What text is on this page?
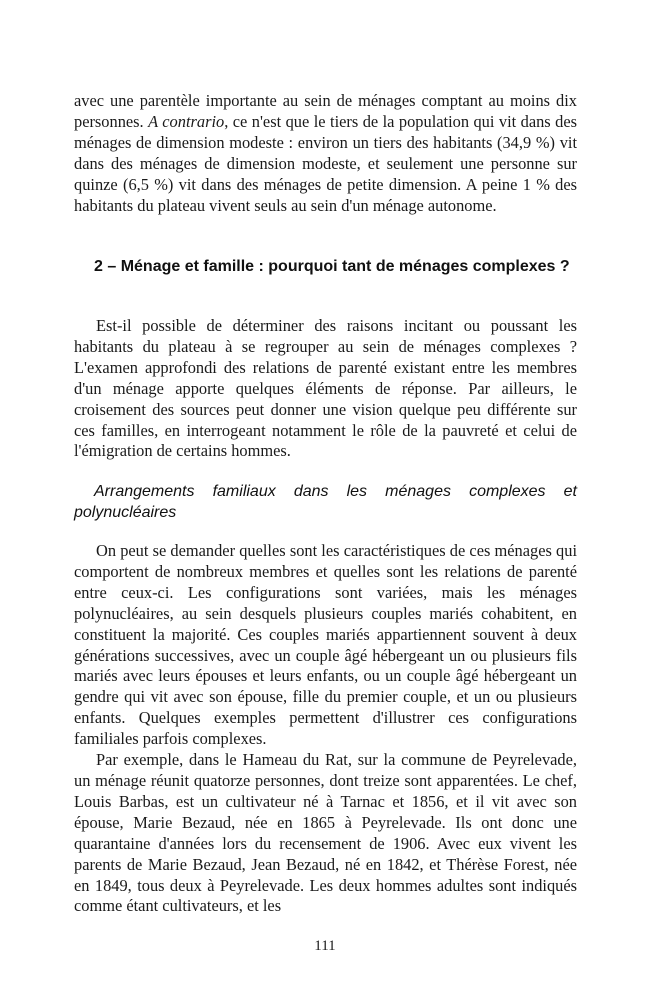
avec une parentèle importante au sein de ménages comptant au moins dix personnes. A contrario, ce n'est que le tiers de la population qui vit dans des ménages de dimension modeste : environ un tiers des habitants (34,9 %) vit dans des ménages de dimension modeste, et seulement une personne sur quinze (6,5 %) vit dans des ménages de petite dimension. A peine 1 % des habitants du plateau vivent seuls au sein d'un ménage autonome.

2 – Ménage et famille : pourquoi tant de ménages complexes ?

Est-il possible de déterminer des raisons incitant ou poussant les habitants du plateau à se regrouper au sein de ménages complexes ? L'examen approfondi des relations de parenté existant entre les membres d'un ménage apporte quelques éléments de réponse. Par ailleurs, le croisement des sources peut donner une vision quelque peu différente sur ces familles, en interrogeant notamment le rôle de la pauvreté et celui de l'émigration de certains hommes.

Arrangements familiaux dans les ménages complexes et polynucléaires

On peut se demander quelles sont les caractéristiques de ces ménages qui comportent de nombreux membres et quelles sont les relations de parenté entre ceux-ci. Les configurations sont variées, mais les ménages polynucléaires, au sein desquels plusieurs couples mariés cohabitent, en constituent la majorité. Ces couples mariés appartiennent souvent à deux générations successives, avec un couple âgé hébergeant un ou plusieurs fils mariés avec leurs épouses et leurs enfants, ou un couple âgé hébergeant un gendre qui vit avec son épouse, fille du premier couple, et un ou plusieurs enfants. Quelques exemples permettent d'illustrer ces configurations familiales parfois complexes.

Par exemple, dans le Hameau du Rat, sur la commune de Peyrelevade, un ménage réunit quatorze personnes, dont treize sont apparentées. Le chef, Louis Barbas, est un cultivateur né à Tarnac et 1856, et il vit avec son épouse, Marie Bezaud, née en 1865 à Peyrelevade. Ils ont donc une quarantaine d'années lors du recensement de 1906. Avec eux vivent les parents de Marie Bezaud, Jean Bezaud, né en 1842, et Thérèse Forest, née en 1849, tous deux à Peyrelevade. Les deux hommes adultes sont indiqués comme étant cultivateurs, et les

111
